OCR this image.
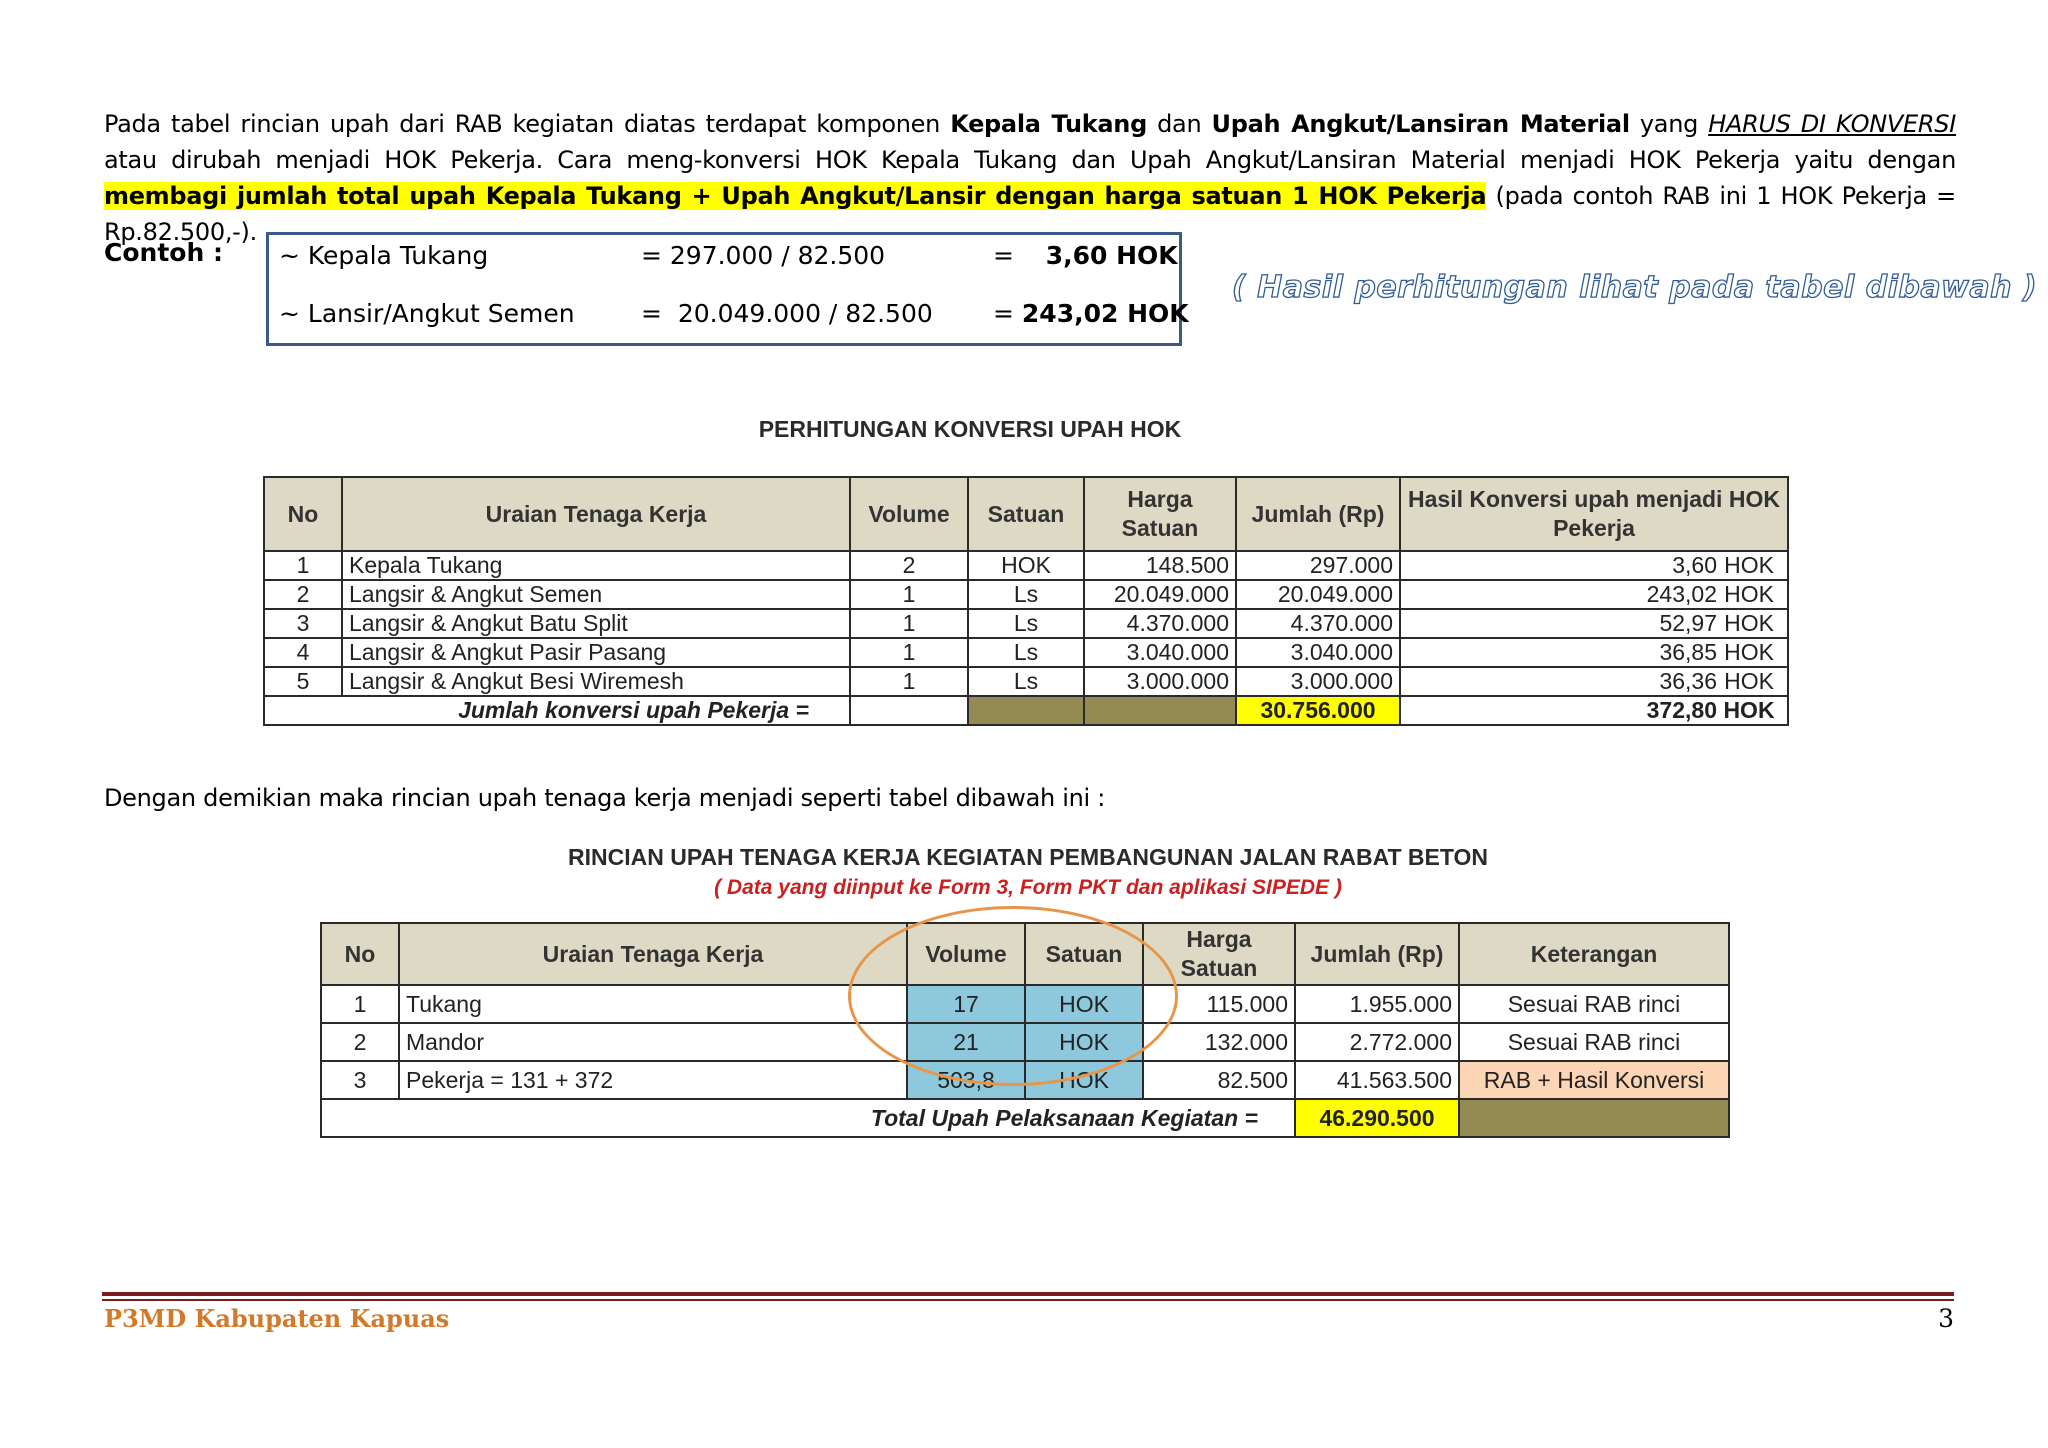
Pada tabel rincian upah dari RAB kegiatan diatas terdapat komponen Kepala Tukang dan Upah Angkut/Lansiran Material yang HARUS DI KONVERSI atau dirubah menjadi HOK Pekerja. Cara meng-konversi HOK Kepala Tukang dan Upah Angkut/Lansiran Material menjadi HOK Pekerja yaitu dengan membagi jumlah total upah Kepala Tukang + Upah Angkut/Lansir dengan harga satuan 1 HOK Pekerja (pada contoh RAB ini 1 HOK Pekerja = Rp.82.500,-).
Contoh : ~ Kepala Tukang	= 297.000 / 82.500	=    3,60 HOK
~ Lansir/Angkut Semen	=  20.049.000 / 82.500 = 243,02 HOK
( Hasil perhitungan lihat pada tabel dibawah )
PERHITUNGAN KONVERSI UPAH HOK
No	Uraian Tenaga Kerja	Volume	Satuan	Harga Satuan	Jumlah (Rp)	Hasil Konversi upah menjadi HOK Pekerja
1	Kepala Tukang	2	HOK	148.500	297.000	3,60 HOK
2	Langsir & Angkut Semen	1	Ls	20.049.000	20.049.000	243,02 HOK
3	Langsir & Angkut Batu Split	1	Ls	4.370.000	4.370.000	52,97 HOK
4	Langsir & Angkut Pasir Pasang	1	Ls	3.040.000	3.040.000	36,85 HOK
5	Langsir & Angkut Besi Wiremesh	1	Ls	3.000.000	3.000.000	36,36 HOK
Jumlah konversi upah Pekerja =					30.756.000	372,80 HOK
Dengan demikian maka rincian upah tenaga kerja menjadi seperti tabel dibawah ini :
RINCIAN UPAH TENAGA KERJA KEGIATAN PEMBANGUNAN JALAN RABAT BETON
( Data yang diinput ke Form 3, Form PKT dan aplikasi SIPEDE )
No	Uraian Tenaga Kerja	Volume	Satuan	Harga Satuan	Jumlah (Rp)	Keterangan
1	Tukang	17	HOK	115.000	1.955.000	Sesuai RAB rinci
2	Mandor	21	HOK	132.000	2.772.000	Sesuai RAB rinci
3	Pekerja = 131 + 372	503,8	HOK	82.500	41.563.500	RAB + Hasil Konversi
Total Upah Pelaksanaan Kegiatan =					46.290.500	
P3MD Kabupaten Kapuas	3
